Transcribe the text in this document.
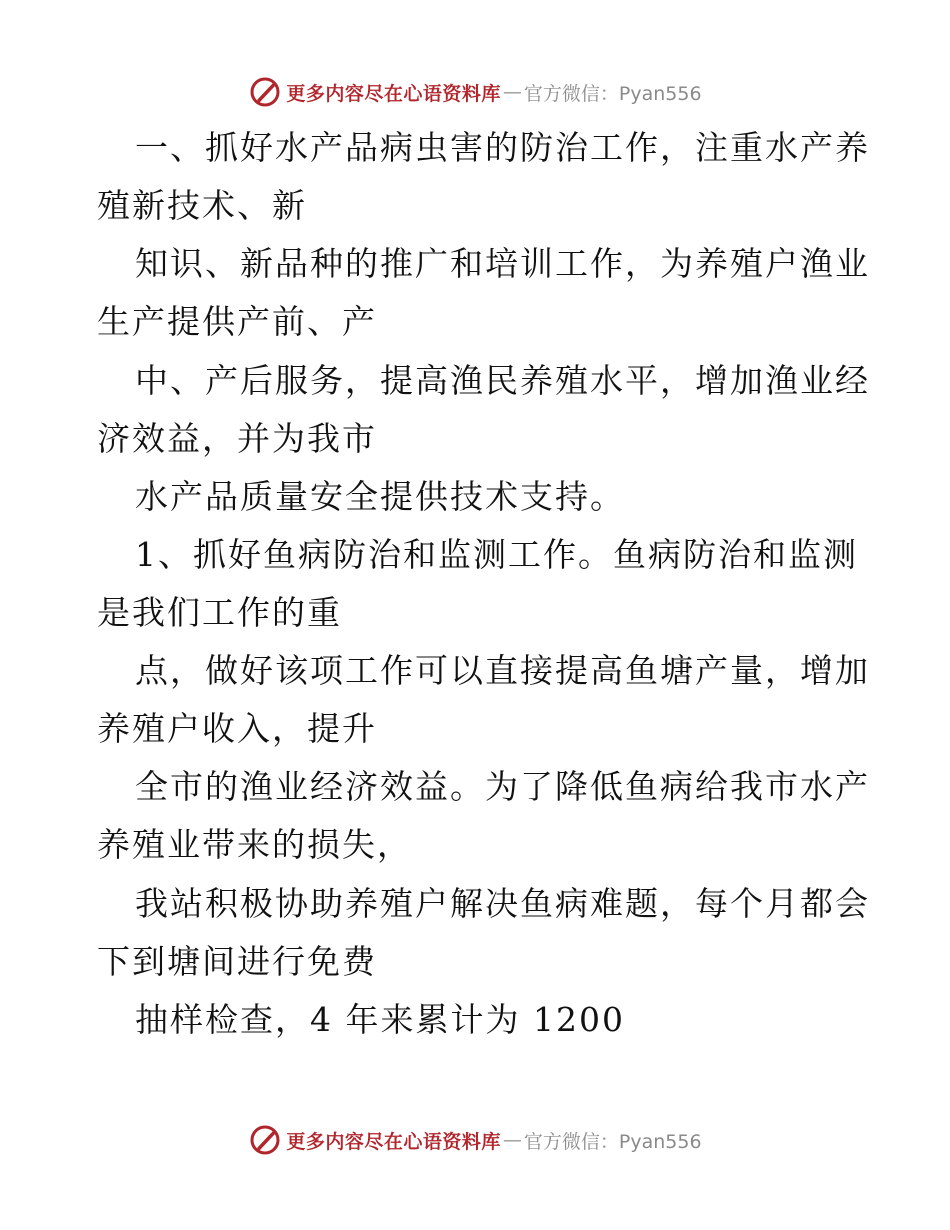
更多内容尽在心语资料库 — 官方微信：Pyan556
一、抓好水产品病虫害的防治工作，注重水产养
殖新技术、新
知识、新品种的推广和培训工作，为养殖户渔业
生产提供产前、产
中、产后服务，提高渔民养殖水平，增加渔业经
济效益，并为我市
水产品质量安全提供技术支持。
1、抓好鱼病防治和监测工作。鱼病防治和监测
是我们工作的重
点，做好该项工作可以直接提高鱼塘产量，增加
养殖户收入，提升
全市的渔业经济效益。为了降低鱼病给我市水产
养殖业带来的损失，
我站积极协助养殖户解决鱼病难题，每个月都会
下到塘间进行免费
抽样检查，4 年来累计为 1200
更多内容尽在心语资料库 — 官方微信：Pyan556
